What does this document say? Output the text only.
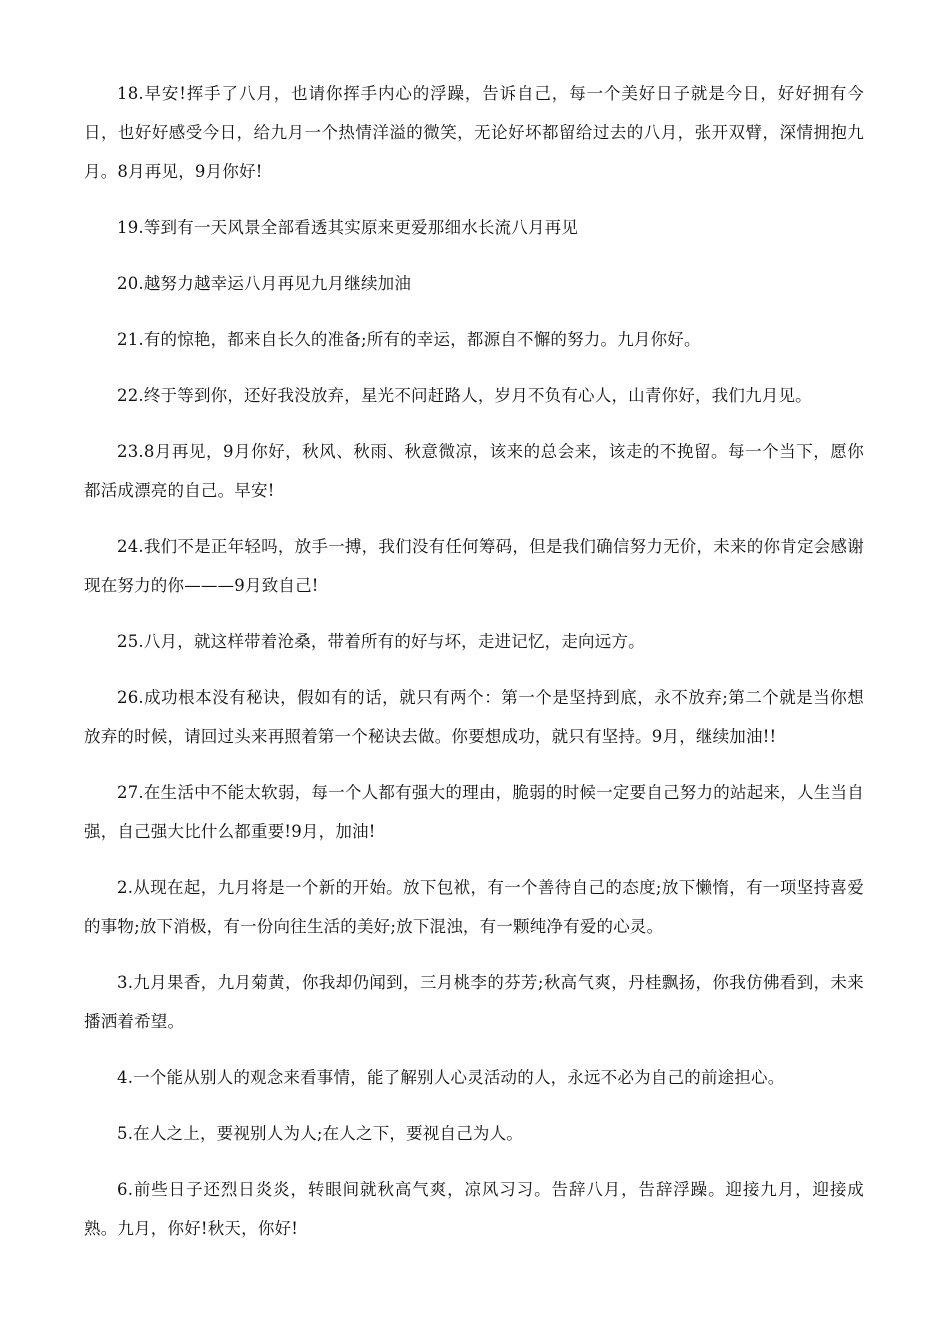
18.早安!挥手了八月，也请你挥手内心的浮躁，告诉自己，每一个美好日子就是今日，好好拥有今日，也好好感受今日，给九月一个热情洋溢的微笑，无论好坏都留给过去的八月，张开双臂，深情拥抱九月。8月再见，9月你好!

19.等到有一天风景全部看透其实原来更爱那细水长流八月再见

20.越努力越幸运八月再见九月继续加油

21.有的惊艳，都来自长久的准备;所有的幸运，都源自不懈的努力。九月你好。

22.终于等到你，还好我没放弃，星光不问赶路人，岁月不负有心人，山青你好，我们九月见。

23.8月再见，9月你好，秋风、秋雨、秋意微凉，该来的总会来，该走的不挽留。每一个当下，愿你都活成漂亮的自己。早安!

24.我们不是正年轻吗，放手一搏，我们没有任何筹码，但是我们确信努力无价，未来的你肯定会感谢现在努力的你———9月致自己!

25.八月，就这样带着沧桑，带着所有的好与坏，走进记忆，走向远方。

26.成功根本没有秘诀，假如有的话，就只有两个：第一个是坚持到底，永不放弃;第二个就是当你想放弃的时候，请回过头来再照着第一个秘诀去做。你要想成功，就只有坚持。9月，继续加油!!

27.在生活中不能太软弱，每一个人都有强大的理由，脆弱的时候一定要自己努力的站起来，人生当自强，自己强大比什么都重要!9月，加油!

2.从现在起，九月将是一个新的开始。放下包袱，有一个善待自己的态度;放下懒惰，有一项坚持喜爱的事物;放下消极，有一份向往生活的美好;放下混浊，有一颗纯净有爱的心灵。

3.九月果香，九月菊黄，你我却仍闻到，三月桃李的芬芳;秋高气爽，丹桂飘扬，你我仿佛看到，未来播洒着希望。

4.一个能从别人的观念来看事情，能了解别人心灵活动的人，永远不必为自己的前途担心。

5.在人之上，要视别人为人;在人之下，要视自己为人。

6.前些日子还烈日炎炎，转眼间就秋高气爽，凉风习习。告辞八月，告辞浮躁。迎接九月，迎接成熟。九月，你好!秋天，你好!
